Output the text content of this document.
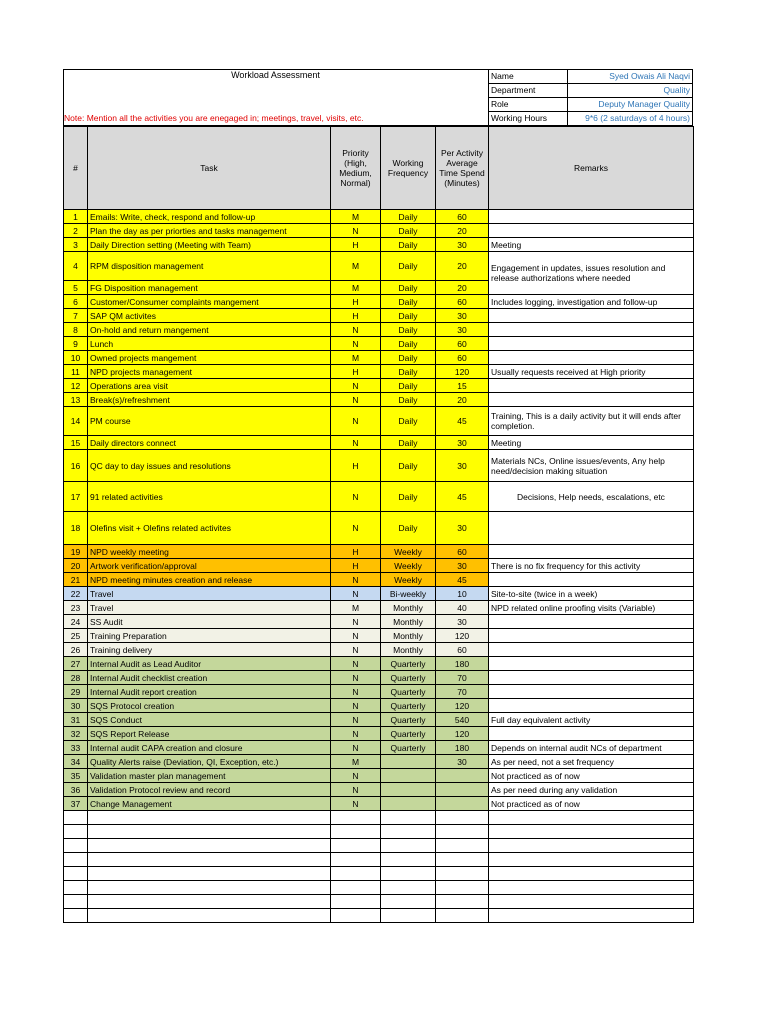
Workload Assessment
Note: Mention all the activities you are enegaged in; meetings, travel, visits, etc.
Name	Syed Owais Ali Naqvi
Department	Quality
Role	Deputy Manager Quality
Working Hours	9*6 (2 saturdays of 4 hours)
#	Task	Priority (High, Medium, Normal)	Working Frequency	Per Activity Average Time Spend (Minutes)	Remarks
1	Emails: Write, check, respond and follow-up	M	Daily	60	
2	Plan the day as per priorties and tasks management	N	Daily	20	
3	Daily Direction setting (Meeting with Team)	H	Daily	30	Meeting
4	RPM disposition management	M	Daily	20	Engagement in updates, issues resolution and release authorizations where needed
5	FG Disposition management	M	Daily	20	
6	Customer/Consumer complaints mangement	H	Daily	60	Includes logging, investigation and follow-up
7	SAP QM activites	H	Daily	30	
8	On-hold and return mangement	N	Daily	30	
9	Lunch	N	Daily	60	
10	Owned projects mangement	M	Daily	60	
11	NPD projects management	H	Daily	120	Usually requests received at High priority
12	Operations area visit	N	Daily	15	
13	Break(s)/refreshment	N	Daily	20	
14	PM course	N	Daily	45	Training, This is a daily activity but it will ends after completion.
15	Daily directors connect	N	Daily	30	Meeting
16	QC day to day issues and resolutions	H	Daily	30	Materials NCs, Online issues/events, Any help need/decision making situation
17	91 related activities	N	Daily	45	Decisions, Help needs, escalations, etc
18	Olefins visit + Olefins related activites	N	Daily	30	
19	NPD weekly meeting	H	Weekly	60	
20	Artwork verification/approval	H	Weekly	30	There is no fix frequency for this activity
21	NPD meeting minutes creation and release	N	Weekly	45	
22	Travel	N	Bi-weekly	10	Site-to-site (twice in a week)
23	Travel	M	Monthly	40	NPD related online proofing visits (Variable)
24	SS Audit	N	Monthly	30	
25	Training Preparation	N	Monthly	120	
26	Training delivery	N	Monthly	60	
27	Internal Audit as Lead Auditor	N	Quarterly	180	
28	Internal Audit checklist creation	N	Quarterly	70	
29	Internal Audit report creation	N	Quarterly	70	
30	SQS Protocol creation	N	Quarterly	120	
31	SQS Conduct	N	Quarterly	540	Full day equivalent activity
32	SQS Report Release	N	Quarterly	120	
33	Internal audit CAPA creation and closure	N	Quarterly	180	Depends on internal audit NCs of department
34	Quality Alerts raise (Deviation, QI, Exception, etc.)	M		30	As per need, not a set frequency
35	Validation master plan management	N			Not practiced as of now
36	Validation Protocol review and record	N			As per need during any validation
37	Change Management	N			Not practiced as of now
